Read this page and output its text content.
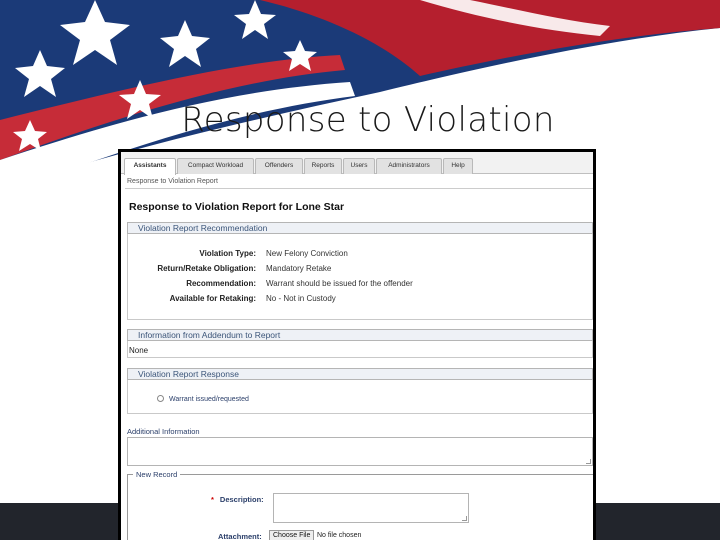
Response to Violation
Assistants	Compact Workload	Offenders	Reports	Users	Administrators	Help
Response to Violation Report
Response to Violation Report for Lone Star
Violation Report Recommendation
Violation Type: New Felony Conviction
Return/Retake Obligation: Mandatory Retake
Recommendation: Warrant should be issued for the offender
Available for Retaking: No - Not in Custody
Information from Addendum to Report
None
Violation Report Response
Warrant issued/requested
Additional Information
New Record
* Description:
Attachment:	Choose File No file chosen
